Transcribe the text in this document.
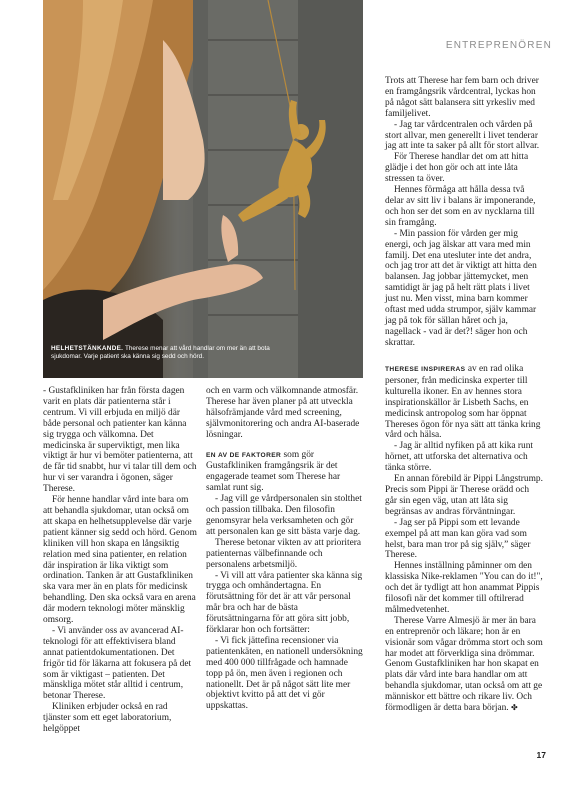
ENTREPRENÖREN
HELHETSTÄNKANDE. Therese menar att vård handlar om mer än att bota sjukdomar. Varje patient ska känna sig sedd och hörd.

- Gustafkliniken har från första dagen varit en plats där patienterna står i centrum. Vi vill erbjuda en miljö där både personal och patienter kan känna sig trygga och välkomna. Det medicinska är superviktigt, men lika viktigt är hur vi bemöter patienterna, att de får tid snabbt, hur vi talar till dem och hur vi ser varandra i ögonen, säger Therese.

För henne handlar vård inte bara om att behandla sjukdomar, utan också om att skapa en helhetsupplevelse där varje patient känner sig sedd och hörd. Genom kliniken vill hon skapa en långsiktig relation med sina patienter, en relation där inspiration är lika viktigt som ordination. Tanken är att Gustafkliniken ska vara mer än en plats för medicinsk behandling. Den ska också vara en arena där modern teknologi möter mänsklig omsorg.

- Vi använder oss av avancerad AI-teknologi för att effektivisera bland annat patientdokumentationen. Det frigör tid för läkarna att fokusera på det som är viktigast – patienten. Det mänskliga mötet står alltid i centrum, betonar Therese.

Kliniken erbjuder också en rad tjänster som ett eget laboratorium, helgöppet

och en varm och välkomnande atmosfär. Therese har även planer på att utveckla hälsofrämjande vård med screening, självmonitorering och andra AI-baserade lösningar.

EN AV DE FAKTORER som gör Gustafkliniken framgångsrik är det engagerade teamet som Therese har samlat runt sig.

- Jag vill ge vårdpersonalen sin stolthet och passion tillbaka. Den filosofin genomsyrar hela verksamheten och gör att personalen kan ge sitt bästa varje dag.

Therese betonar vikten av att prioritera patienternas välbefinnande och personalens arbetsmiljö.

- Vi vill att våra patienter ska känna sig trygga och omhändertagna. En förutsättning för det är att vår personal mår bra och har de bästa förutsättningarna för att göra sitt jobb, förklarar hon och fortsätter:

- Vi fick jättefina recensioner via patientenkäten, en nationell undersökning med 400 000 tillfrågade och hamnade topp på ön, men även i regionen och nationellt. Det är på något sätt lite mer objektivt kvitto på att det vi gör uppskattas.

Trots att Therese har fem barn och driver en framgångsrik vårdcentral, lyckas hon på något sätt balansera sitt yrkesliv med familjelivet.

- Jag tar vårdcentralen och vården på stort allvar, men generellt i livet tenderar jag att inte ta saker på allt för stort allvar.

För Therese handlar det om att hitta glädje i det hon gör och att inte låta stressen ta över.

Hennes förmåga att hålla dessa två delar av sitt liv i balans är imponerande, och hon ser det som en av nycklarna till sin framgång.

- Min passion för vården ger mig energi, och jag älskar att vara med min familj. Det ena utesluter inte det andra, och jag tror att det är viktigt att hitta den balansen. Jag jobbar jättemycket, men samtidigt är jag på helt rätt plats i livet just nu. Men visst, mina barn kommer oftast med udda strumpor, själv kammar jag på tok för sällan håret och ja, nagellack - vad är det?! säger hon och skrattar.

THERESE INSPIRERAS av en rad olika personer, från medicinska experter till kulturella ikoner. En av hennes stora inspirationskällor är Lisbeth Sachs, en medicinsk antropolog som har öppnat Thereses ögon för nya sätt att tänka kring vård och hälsa.

- Jag är alltid nyfiken på att kika runt hörnet, att utforska det alternativa och tänka större.

En annan förebild är Pippi Långstrump. Precis som Pippi är Therese orädd och går sin egen väg, utan att låta sig begränsas av andras förväntningar.

- Jag ser på Pippi som ett levande exempel på att man kan göra vad som helst, bara man tror på sig själv,” säger Therese.

Hennes inställning påminner om den klassiska Nike-reklamen "You can do it!", och det är tydligt att hon anammat Pippis filosofi när det kommer till oftilrerad målmedvetenhet.

Therese Varre Almesjö är mer än bara en entreprenör och läkare; hon är en visionär som vågar drömma stort och som har modet att förverkliga sina drömmar. Genom Gustafkliniken har hon skapat en plats där vård inte bara handlar om att behandla sjukdomar, utan också om att ge människor ett bättre och rikare liv. Och förmodligen är detta bara början. ✤

17
